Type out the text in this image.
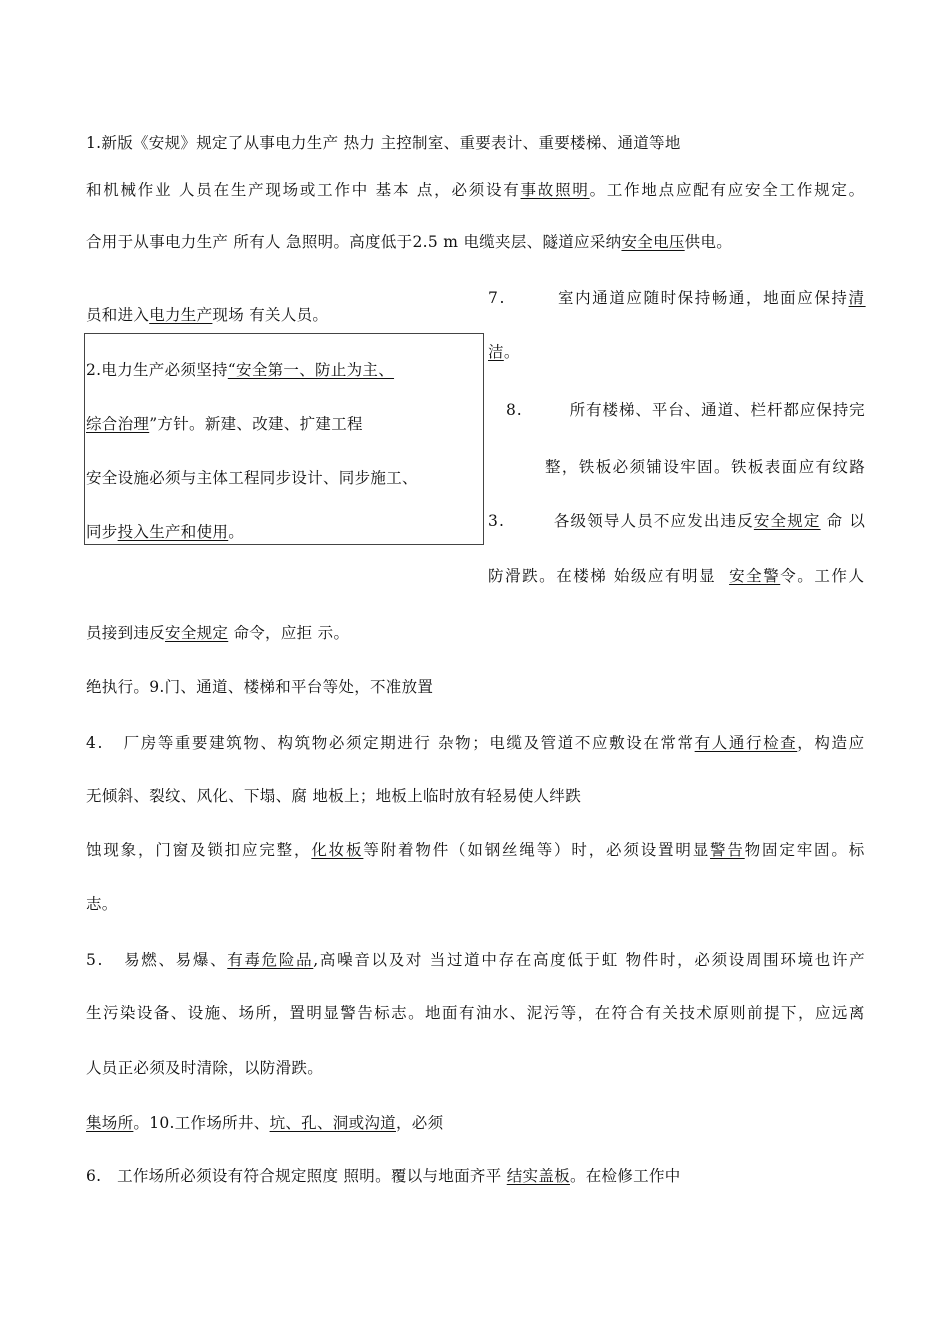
1.新版《安规》规定了从事电力生产 热力 主控制室、重要表计、重要楼梯、通道等地
和机械作业 人员在生产现场或工作中 基本 点，必须设有事故照明。工作地点应配有应安全工作规定。
合用于从事电力生产 所有人 急照明。高度低于2.5 m 电缆夹层、隧道应采纳安全电压供电。
员和进入电力生产现场 有关人员。
7.        室内通道应随时保持畅通，地面应保持清
洁。
2.电力生产必须坚持“安全第一、防止为主、
综合治理”方针。新建、改建、扩建工程
8.        所有楼梯、平台、通道、栏杆都应保持完
安全设施必须与主体工程同步设计、同步施工、
整，铁板必须铺设牢固。铁板表面应有纹路
同步投入生产和使用。
3.        各级领导人员不应发出违反安全规定 命 以
防滑跌。在楼梯 始级应有明显  安全警令。工作人
员接到违反安全规定 命令，应拒 示。
绝执行。9.门、通道、楼梯和平台等处，不准放置
4.   厂房等重要建筑物、构筑物必须定期进行 杂物；电缆及管道不应敷设在常常有人通行检查，构造应
无倾斜、裂纹、风化、下塌、腐 地板上；地板上临时放有轻易使人绊跌
蚀现象，门窗及锁扣应完整，化妆板等附着物件（如钢丝绳等）时，必须设置明显警告物固定牢固。标
志。
5.   易燃、易爆、有毒危险品,高噪音以及对 当过道中存在高度低于虹 物件时，必须设周围环境也许产
生污染设备、设施、场所，置明显警告标志。地面有油水、泥污等，在符合有关技术原则前提下，应远离
人员正必须及时清除，以防滑跌。
集场所。10.工作场所井、坑、孔、洞或沟道，必须
6.   工作场所必须设有符合规定照度 照明。覆以与地面齐平 结实盖板。在检修工作中
